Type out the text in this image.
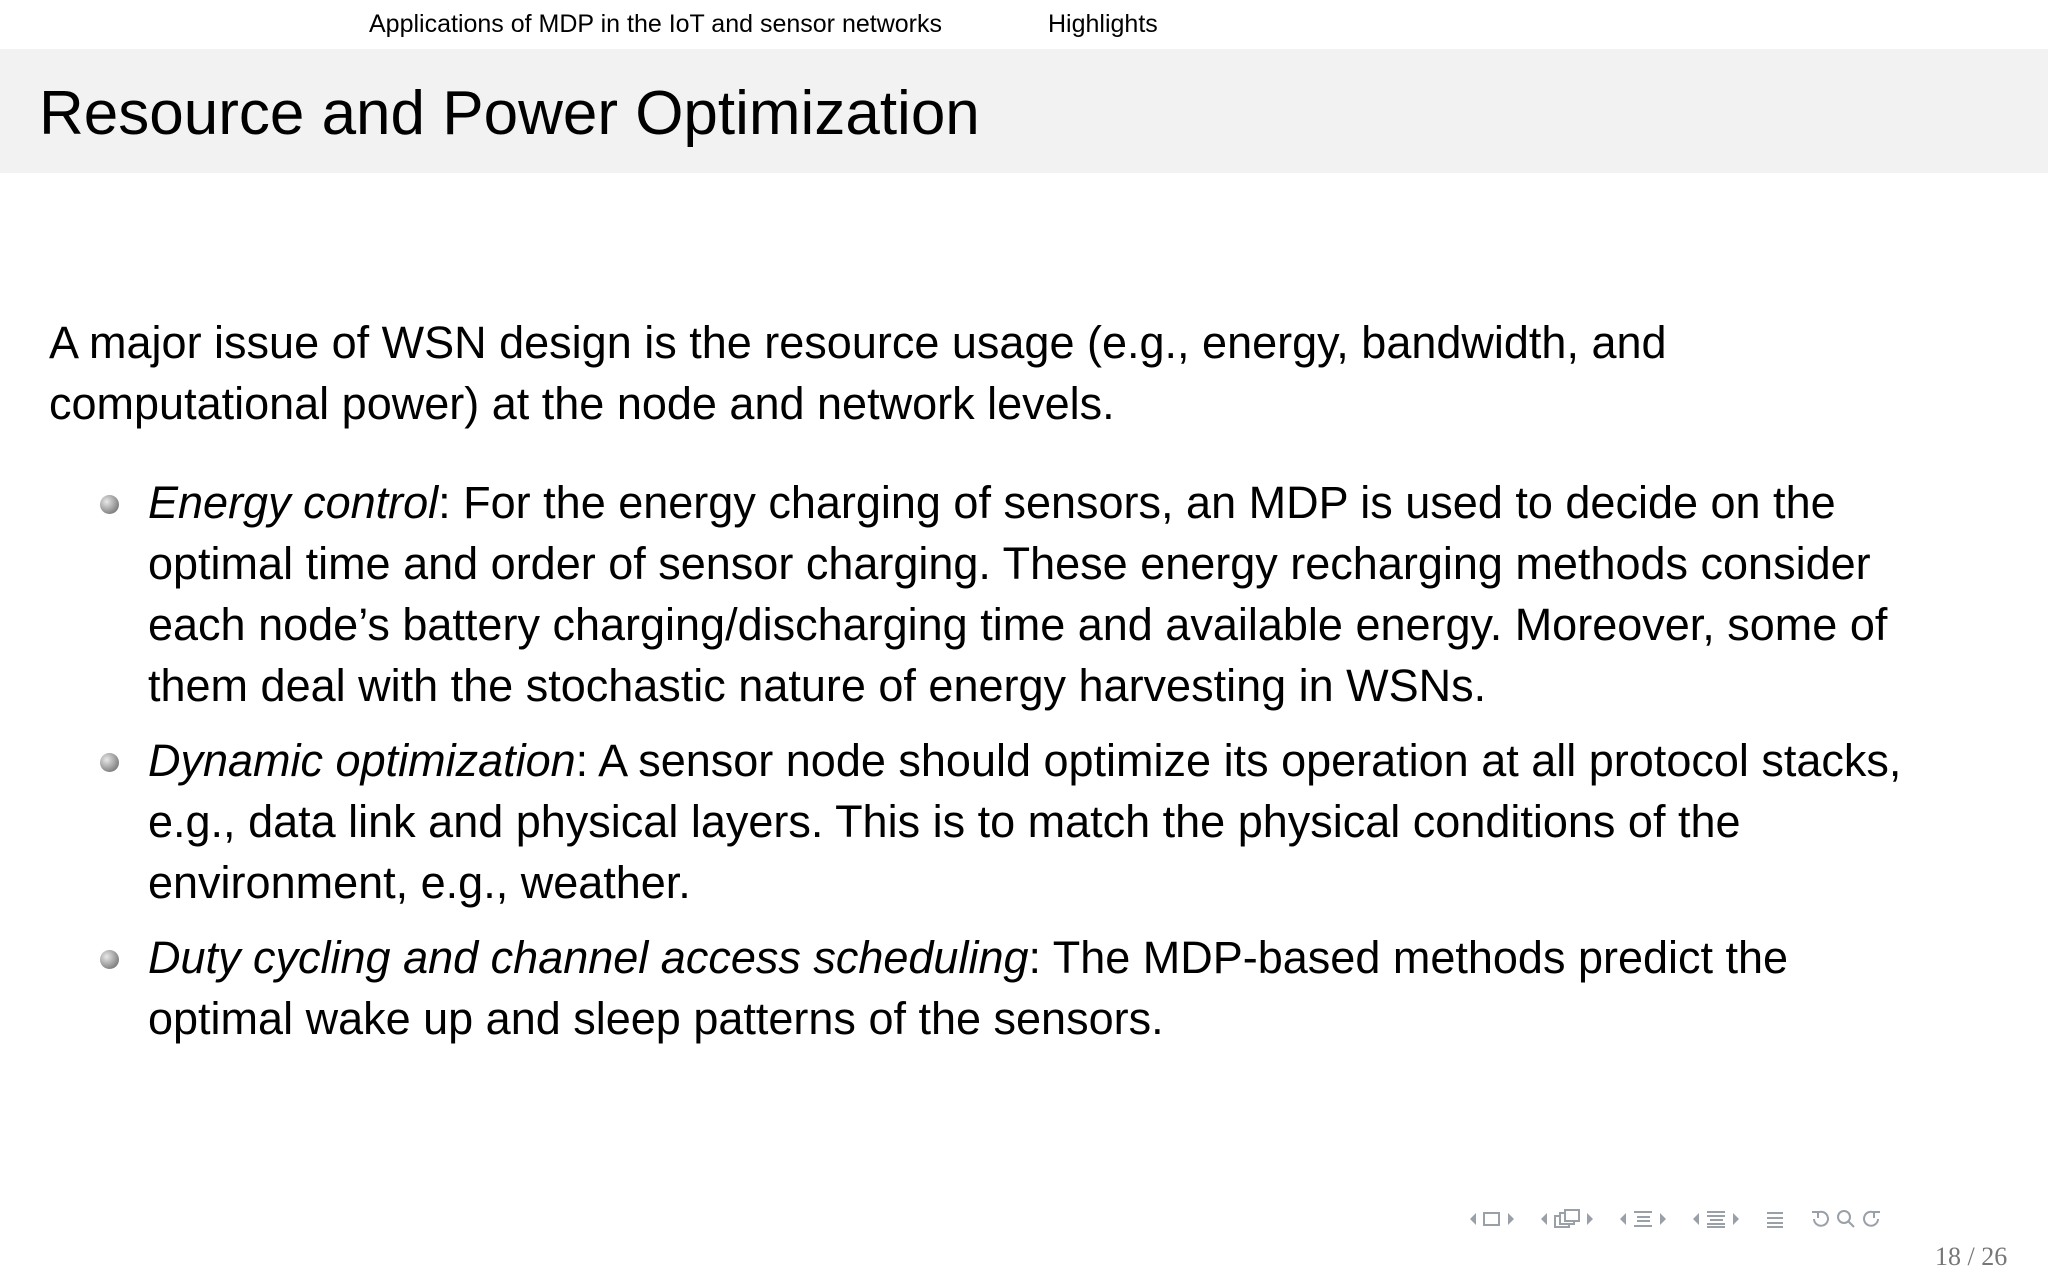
Applications of MDP in the IoT and sensor networks	Highlights
Resource and Power Optimization

A major issue of WSN design is the resource usage (e.g., energy, bandwidth, and
computational power) at the node and network levels.

Energy control: For the energy charging of sensors, an MDP is used to decide on the
optimal time and order of sensor charging. These energy recharging methods consider
each node’s battery charging/discharging time and available energy. Moreover, some of
them deal with the stochastic nature of energy harvesting in WSNs.
Dynamic optimization: A sensor node should optimize its operation at all protocol stacks,
e.g., data link and physical layers. This is to match the physical conditions of the
environment, e.g., weather.
Duty cycling and channel access scheduling: The MDP-based methods predict the
optimal wake up and sleep patterns of the sensors.
18 / 26
